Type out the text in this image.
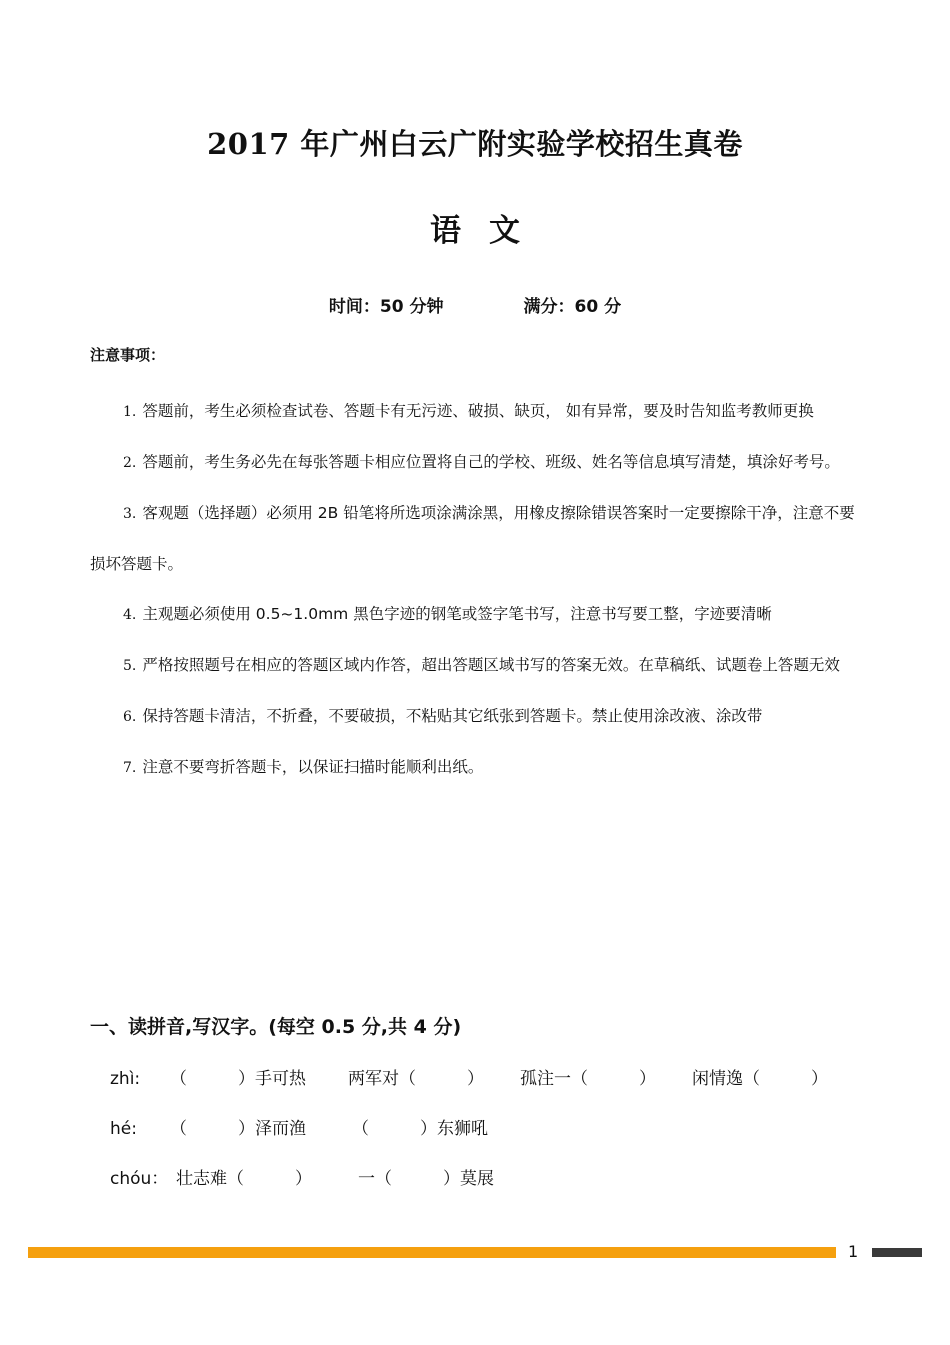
2017 年广州白云广附实验学校招生真卷
语文
时间：50 分钟	满分：60 分
注意事项：

1. 答题前，考生必须检查试卷、答题卡有无污迹、破损、缺页， 如有异常，要及时告知监考教师更换

2. 答题前，考生务必先在每张答题卡相应位置将自己的学校、班级、姓名等信息填写清楚，填涂好考号。

3. 客观题（选择题）必须用 2B 铅笔将所选项涂满涂黑，用橡皮擦除错误答案时一定要擦除干净，注意不要损坏答题卡。

4. 主观题必须使用 0.5~1.0mm 黑色字迹的钢笔或签字笔书写，注意书写要工整，字迹要清晰

5. 严格按照题号在相应的答题区域内作答，超出答题区域书写的答案无效。在草稿纸、试题卷上答题无效

6. 保持答题卡清洁，不折叠，不要破损，不粘贴其它纸张到答题卡。禁止使用涂改液、涂改带

7. 注意不要弯折答题卡，以保证扫描时能顺利出纸。

一、读拼音,写汉字。(每空 0.5 分,共 4 分)
zhì: （　　　）手可热 两军对（　　　） 孤注一（　　　） 闲情逸（　　　）
hé: （　　　）泽而渔	（　　　）东狮吼
chóu： 壮志难（　　　）	一（　　　）莫展
1
